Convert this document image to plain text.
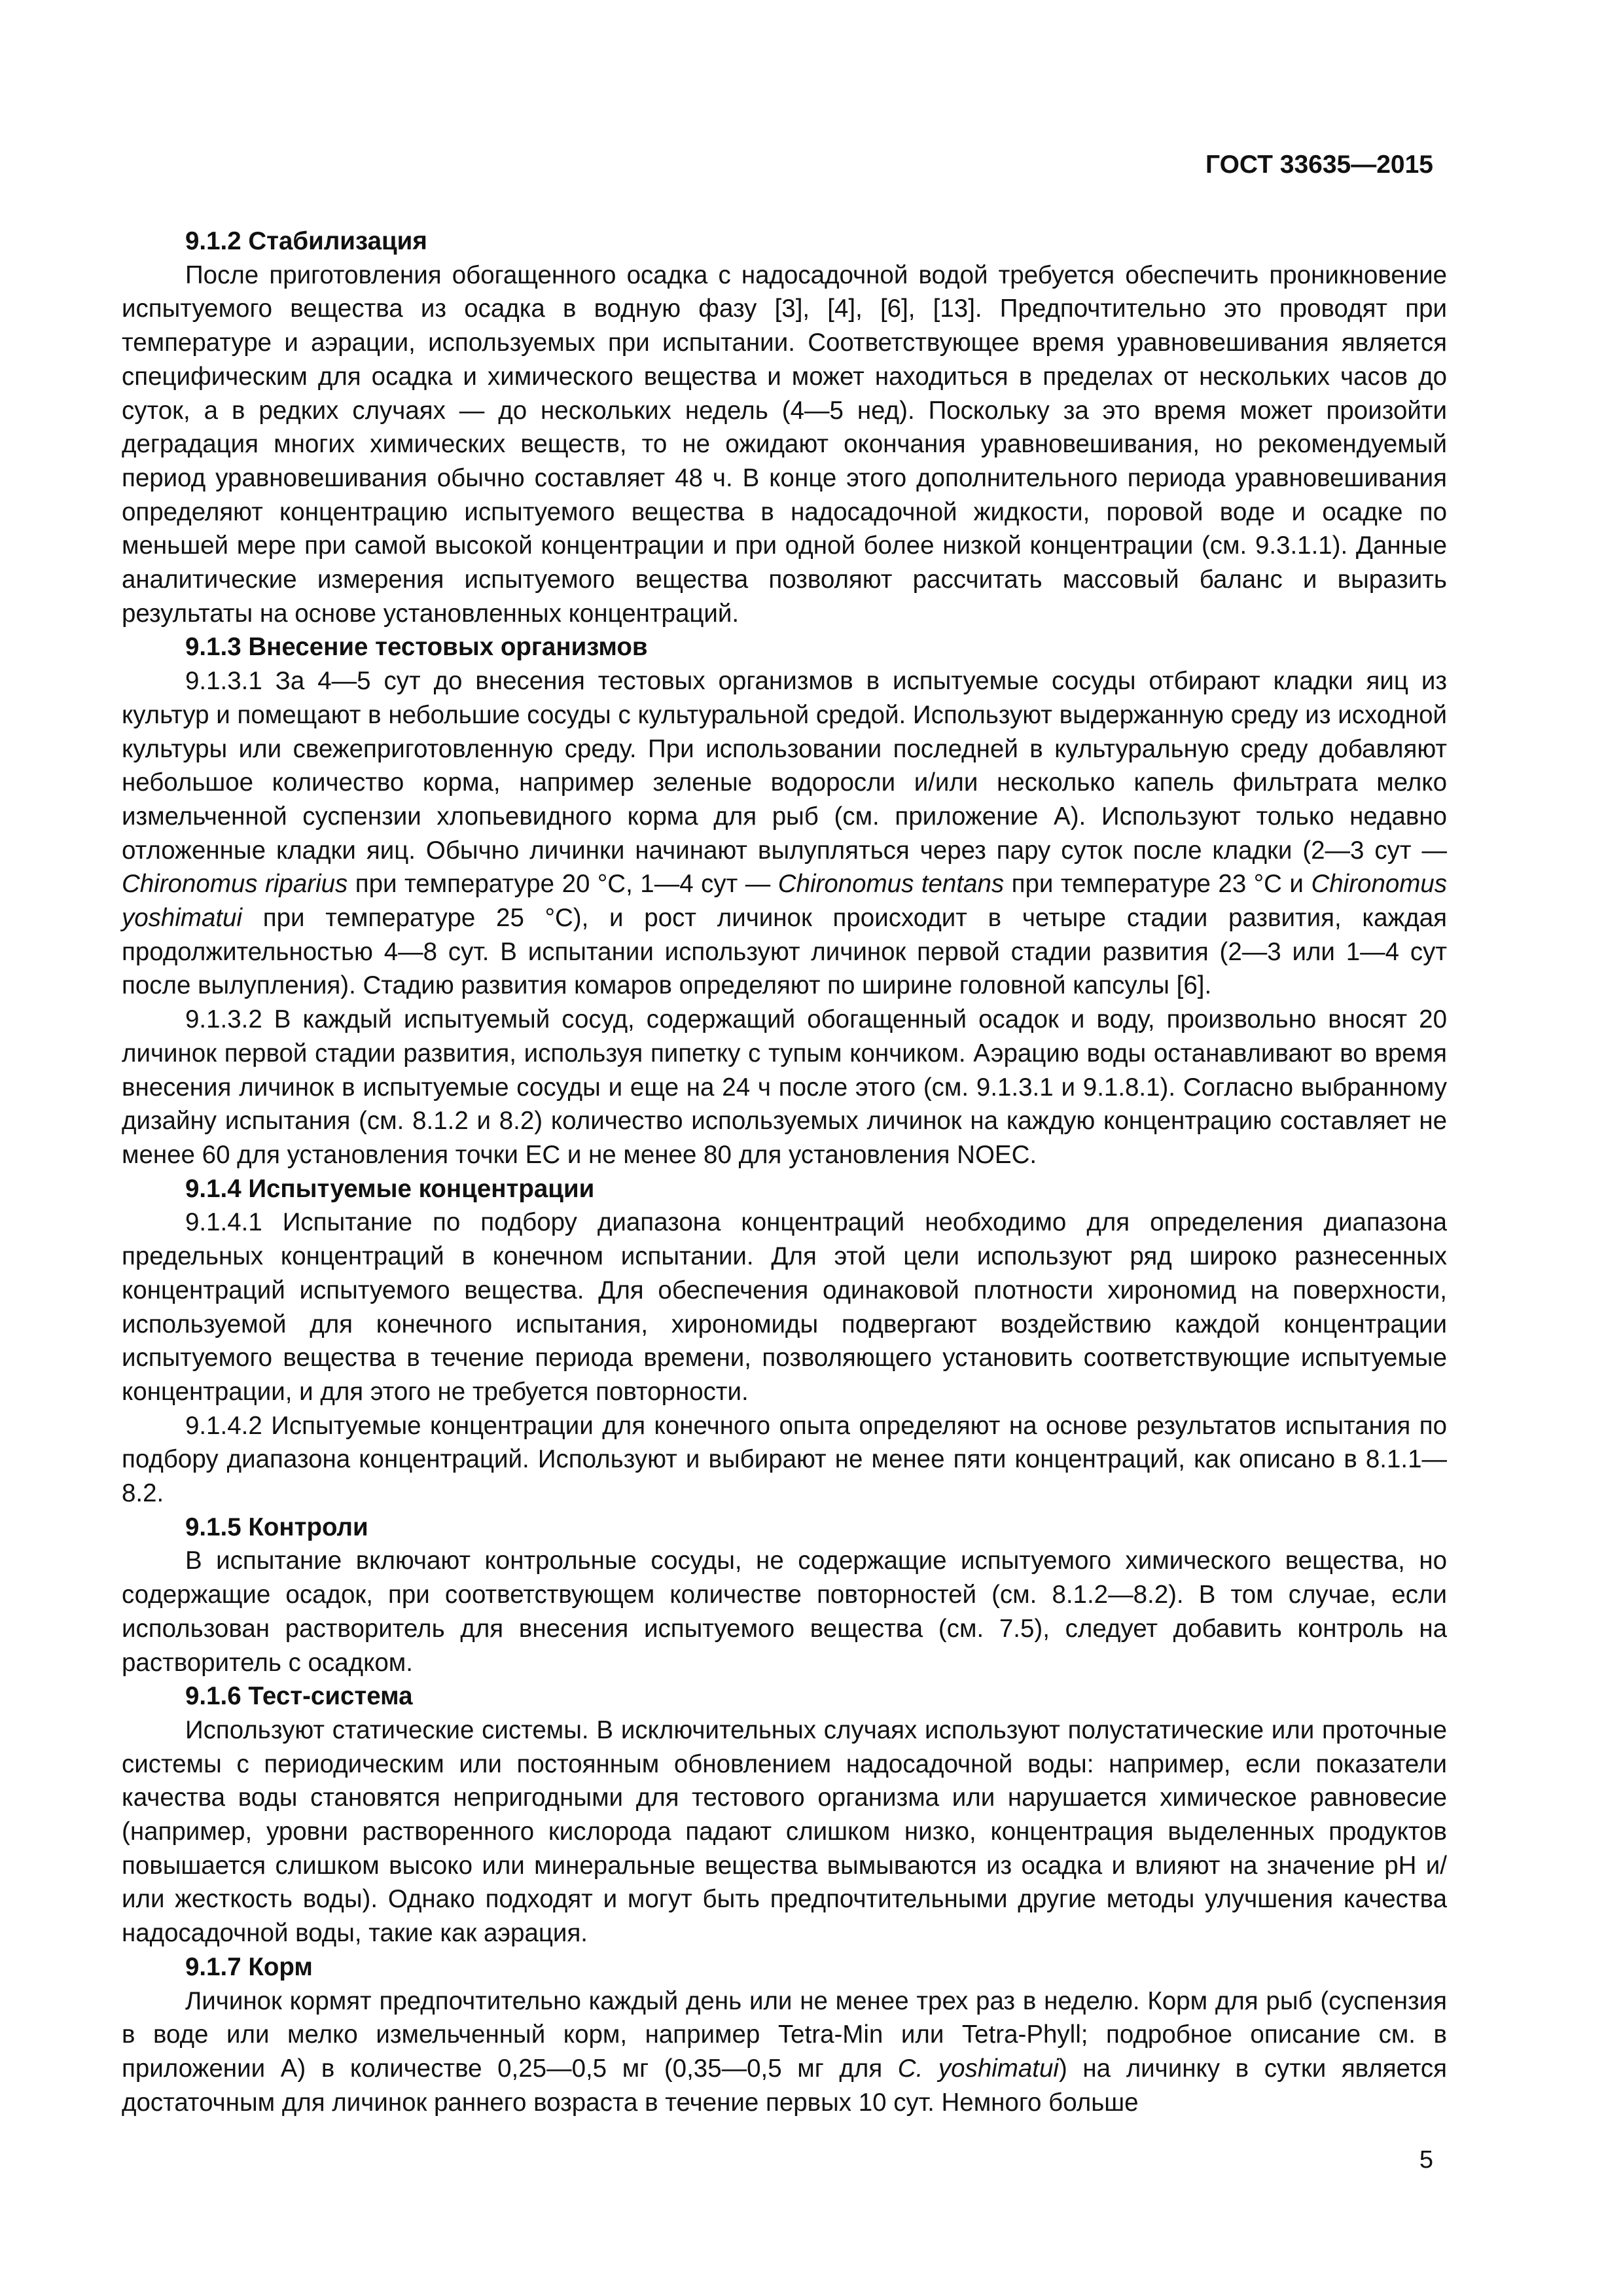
ГОСТ 33635—2015

9.1.2 Стабилизация

После приготовления обогащенного осадка с надосадочной водой требуется обеспечить проникновение испытуемого вещества из осадка в водную фазу [3], [4], [6], [13]. Предпочтительно это проводят при температуре и аэрации, используемых при испытании. Соответствующее время уравновешивания является специфическим для осадка и химического вещества и может находиться в пределах от нескольких часов до суток, а в редких случаях — до нескольких недель (4—5 нед). Поскольку за это время может произойти деградация многих химических веществ, то не ожидают окончания уравновешивания, но рекомендуемый период уравновешивания обычно составляет 48 ч. В конце этого дополнительного периода уравновешивания определяют концентрацию испытуемого вещества в надосадочной жидкости, поровой воде и осадке по меньшей мере при самой высокой концентрации и при одной более низкой концентрации (см. 9.3.1.1). Данные аналитические измерения испытуемого вещества позволяют рассчитать массовый баланс и выразить результаты на основе установленных концентраций.

9.1.3 Внесение тестовых организмов

9.1.3.1 За 4—5 сут до внесения тестовых организмов в испытуемые сосуды отбирают кладки яиц из культур и помещают в небольшие сосуды с культуральной средой. Используют выдержанную среду из исходной культуры или свежеприготовленную среду. При использовании последней в культуральную среду добавляют небольшое количество корма, например зеленые водоросли и/или несколько капель фильтрата мелко измельченной суспензии хлопьевидного корма для рыб (см. приложение А). Используют только недавно отложенные кладки яиц. Обычно личинки начинают вылупляться через пару суток после кладки (2—3 сут — Chironomus riparius при температуре 20 °C, 1—4 сут — Chironomus tentans при температуре 23 °C и Chironomus yoshimatui при температуре 25 °C), и рост личинок происходит в четыре стадии развития, каждая продолжительностью 4—8 сут. В испытании используют личинок первой стадии развития (2—3 или 1—4 сут после вылупления). Стадию развития комаров определяют по ширине головной капсулы [6].

9.1.3.2 В каждый испытуемый сосуд, содержащий обогащенный осадок и воду, произвольно вносят 20 личинок первой стадии развития, используя пипетку с тупым кончиком. Аэрацию воды останавливают во время внесения личинок в испытуемые сосуды и еще на 24 ч после этого (см. 9.1.3.1 и 9.1.8.1). Согласно выбранному дизайну испытания (см. 8.1.2 и 8.2) количество используемых личинок на каждую концентрацию составляет не менее 60 для установления точки EC и не менее 80 для установления NOEC.

9.1.4 Испытуемые концентрации

9.1.4.1 Испытание по подбору диапазона концентраций необходимо для определения диапазона предельных концентраций в конечном испытании. Для этой цели используют ряд широко разнесенных концентраций испытуемого вещества. Для обеспечения одинаковой плотности хирономид на поверхности, используемой для конечного испытания, хирономиды подвергают воздействию каждой концентрации испытуемого вещества в течение периода времени, позволяющего установить соответствующие испытуемые концентрации, и для этого не требуется повторности.

9.1.4.2 Испытуемые концентрации для конечного опыта определяют на основе результатов испытания по подбору диапазона концентраций. Используют и выбирают не менее пяти концентраций, как описано в 8.1.1—8.2.

9.1.5 Контроли

В испытание включают контрольные сосуды, не содержащие испытуемого химического вещества, но содержащие осадок, при соответствующем количестве повторностей (см. 8.1.2—8.2). В том случае, если использован растворитель для внесения испытуемого вещества (см. 7.5), следует добавить контроль на растворитель с осадком.

9.1.6 Тест-система

Используют статические системы. В исключительных случаях используют полустатические или проточные системы с периодическим или постоянным обновлением надосадочной воды: например, если показатели качества воды становятся непригодными для тестового организма или нарушается химическое равновесие (например, уровни растворенного кислорода падают слишком низко, концентрация выделенных продуктов повышается слишком высоко или минеральные вещества вымываются из осадка и влияют на значение pH и/или жесткость воды). Однако подходят и могут быть предпочтительными другие методы улучшения качества надосадочной воды, такие как аэрация.

9.1.7 Корм

Личинок кормят предпочтительно каждый день или не менее трех раз в неделю. Корм для рыб (суспензия в воде или мелко измельченный корм, например Tetra-Min или Tetra-Phyll; подробное описание см. в приложении А) в количестве 0,25—0,5 мг (0,35—0,5 мг для C. yoshimatui) на личинку в сутки является достаточным для личинок раннего возраста в течение первых 10 сут. Немного больше

5
